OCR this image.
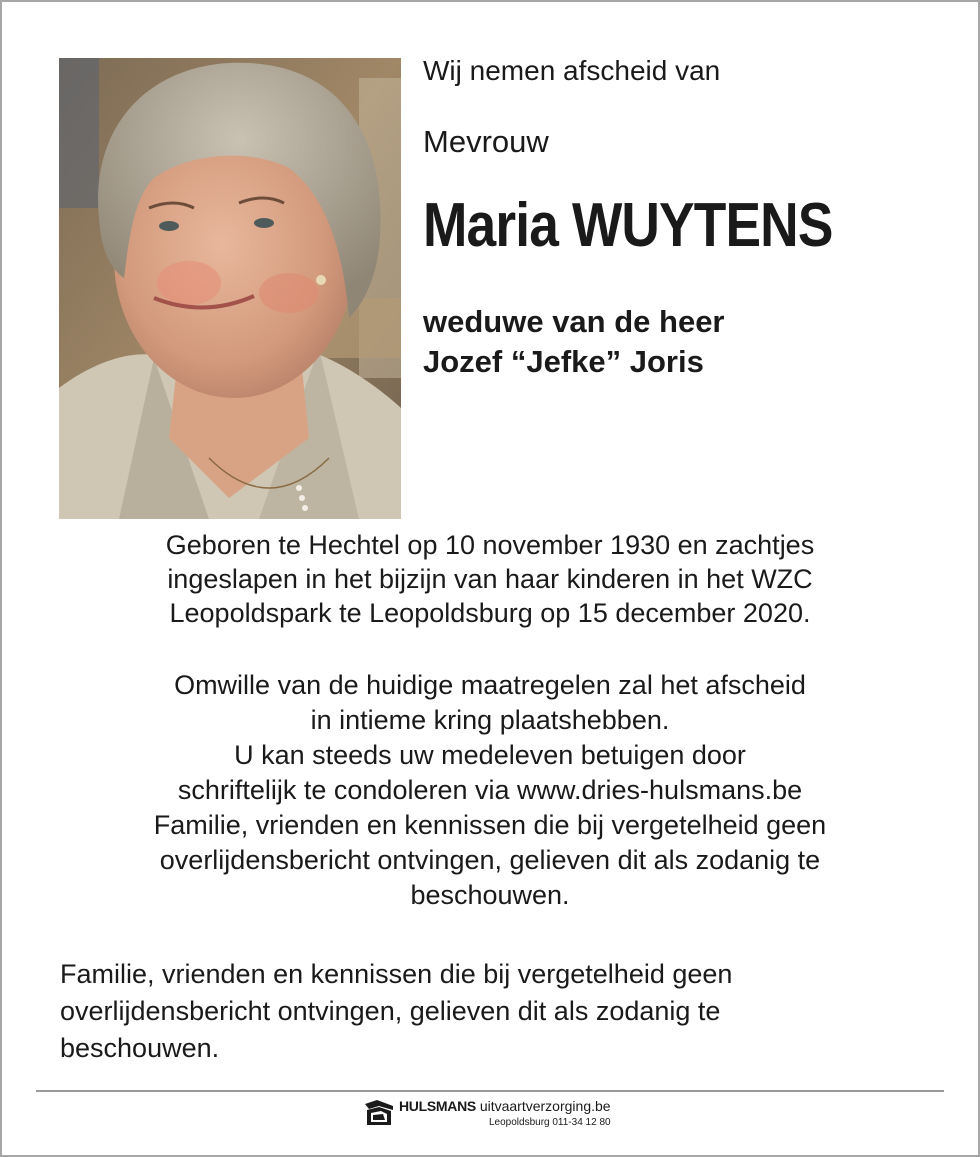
Wij nemen afscheid van
Mevrouw
Maria WUYTENS
weduwe van de heer
Jozef “Jefke” Joris
Geboren te Hechtel op 10 november 1930 en zachtjes
ingeslapen in het bijzijn van haar kinderen in het WZC
Leopoldspark te Leopoldsburg op 15 december 2020.
Omwille van de huidige maatregelen zal het afscheid
in intieme kring plaatshebben.
U kan steeds uw medeleven betuigen door
schriftelijk te condoleren via www.dries-hulsmans.be
Familie, vrienden en kennissen die bij vergetelheid geen
overlijdensbericht ontvingen, gelieven dit als zodanig te
beschouwen.
Familie, vrienden en kennissen die bij vergetelheid geen
overlijdensbericht ontvingen, gelieven dit als zodanig te
beschouwen.
HULSMANS uitvaartverzorging.be
Leopoldsburg 011-34 12 80
